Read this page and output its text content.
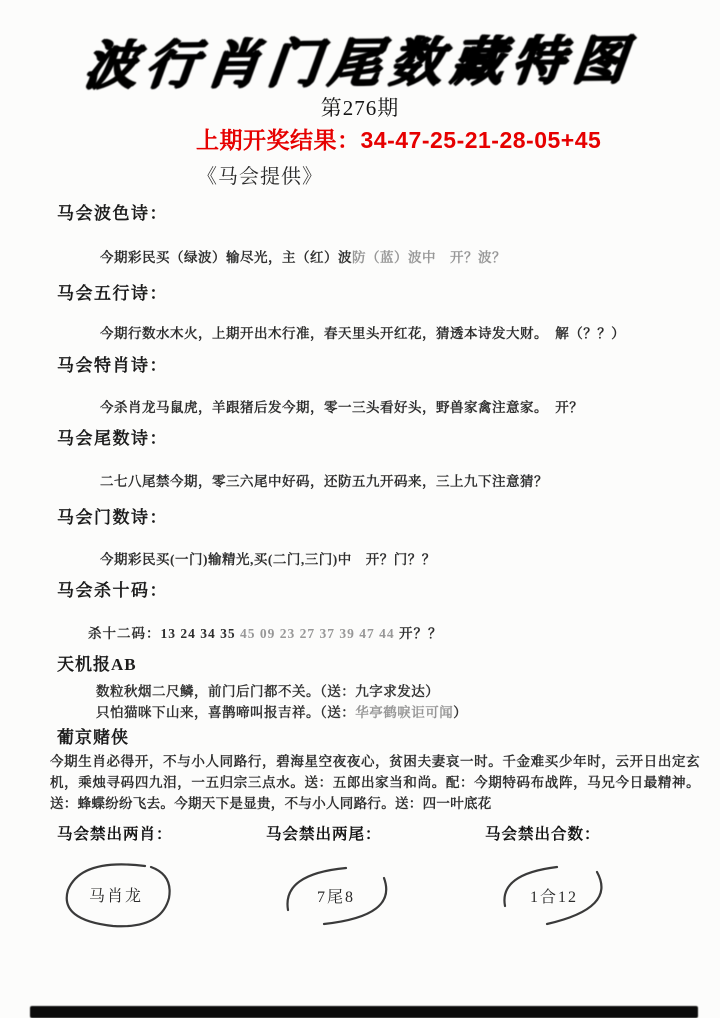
波行肖门尾数藏特图
第276期
上期开奖结果：34-47-25-21-28-05+45
《马会提供》
马会波色诗：
今期彩民买（绿波）输尽光，主（红）波防（蓝）波中　开？波？
马会五行诗：
今期行数水木火，上期开出木行准，春天里头开红花，猜透本诗发大财。　解（？？）
马会特肖诗：
今杀肖龙马鼠虎，羊跟猪后发今期，零一三头看好头，野兽家禽注意家。　开？
马会尾数诗：
二七八尾禁今期，零三六尾中好码，还防五九开码来，三上九下注意猜？
马会门数诗：
今期彩民买(一门)输精光,买(二门,三门)中　开？门？？
马会杀十码：
杀十二码：13 24 34 35 45 09 23 27 37 39 47 44 开？？
天机报AB
数粒秋烟二尺鳞，前门后门都不关。（送：九字求发达）
只怕猫咪下山来，喜鹊啼叫报吉祥。（送：华亭鹤唳讵可闻）
葡京赌侠
今期生肖必得开，不与小人同路行，碧海星空夜夜心，贫困夫妻哀一时。千金难买少年时，云开日出定玄机，乘烛寻码四九泪，一五归宗三点水。送：五郎出家当和尚。配：今期特码布战阵，马兄今日最精神。送：蜂蝶纷纷飞去。今期天下是显贵，不与小人同路行。送：四一叶底花
马会禁出两肖：
马肖龙
马会禁出两尾：
7尾8
马会禁出合数：
1合12
